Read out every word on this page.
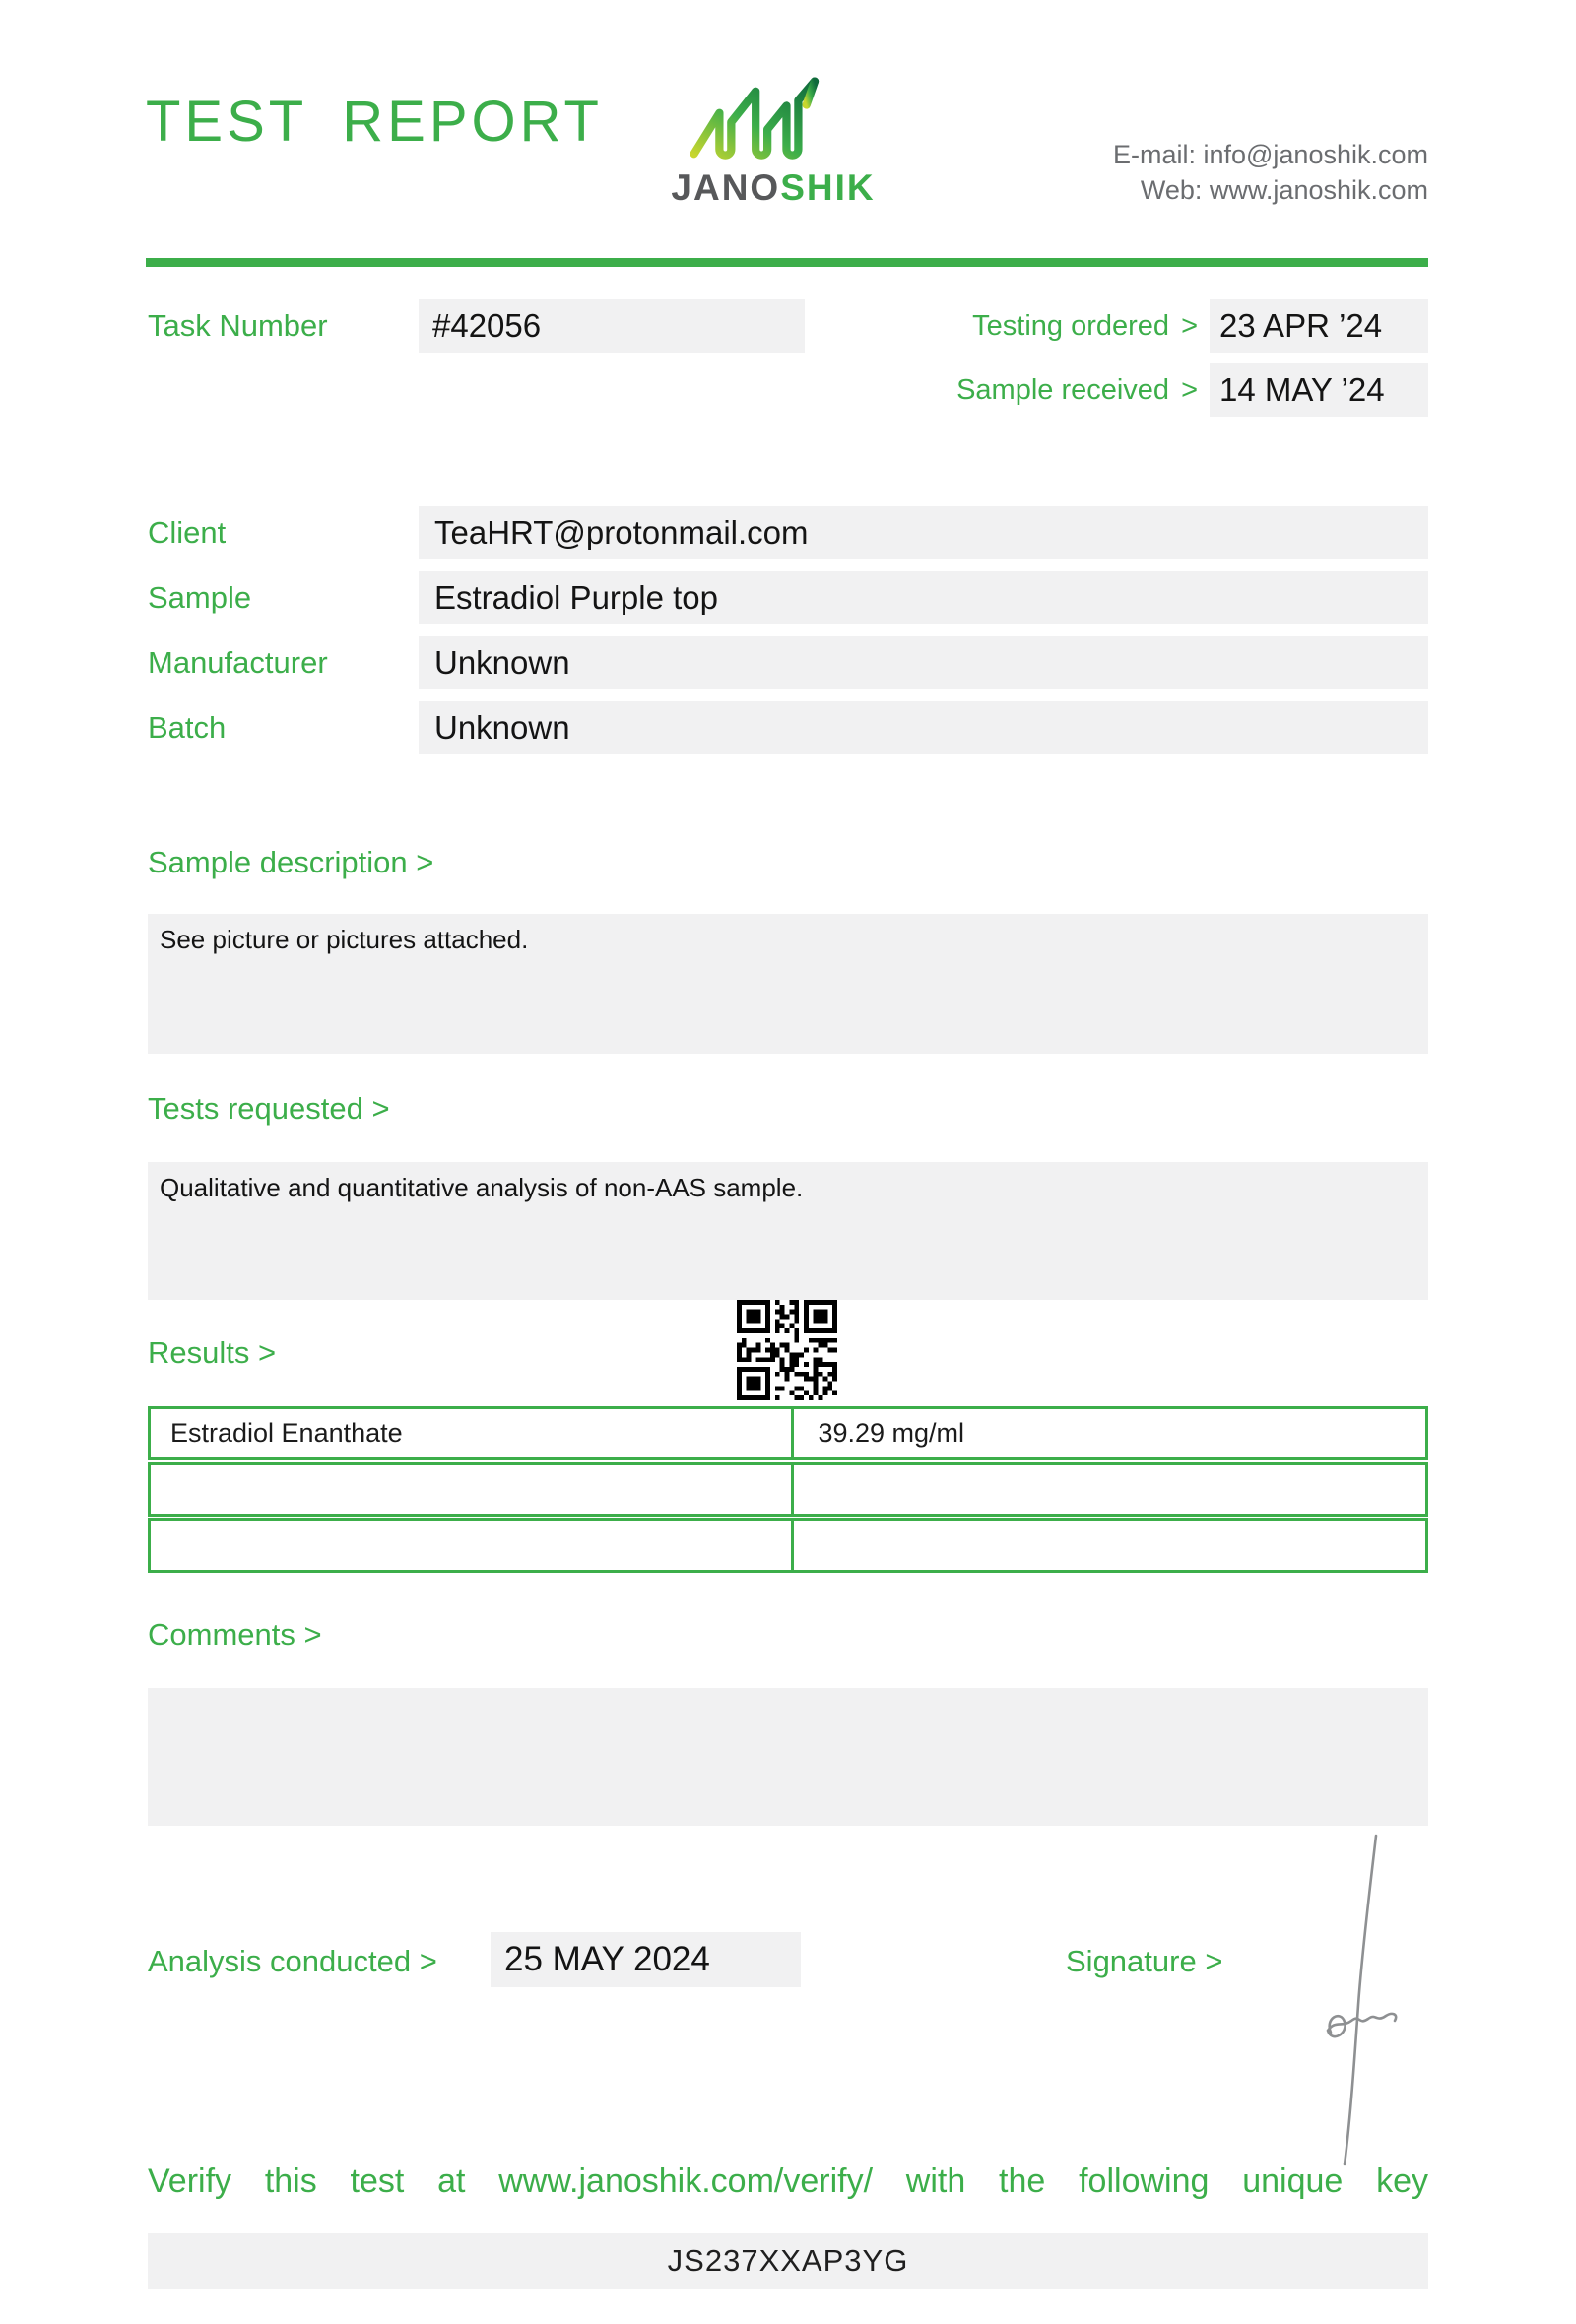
TEST REPORT
JANOSHIK
E-mail: info@janoshik.com
Web: www.janoshik.com
Task Number	#42056	Testing ordered > 23 APR ’24
Sample received > 14 MAY ’24
Client	TeaHRT@protonmail.com
Sample	Estradiol Purple top
Manufacturer	Unknown
Batch	Unknown
Sample description >
See picture or pictures attached.
Tests requested >
Qualitative and quantitative analysis of non-AAS sample.
Results >
Estradiol Enanthate	39.29 mg/ml
Comments >
Analysis conducted >	25 MAY 2024	Signature >
Verify this test at www.janoshik.com/verify/ with the following unique key
JS237XXAP3YG
